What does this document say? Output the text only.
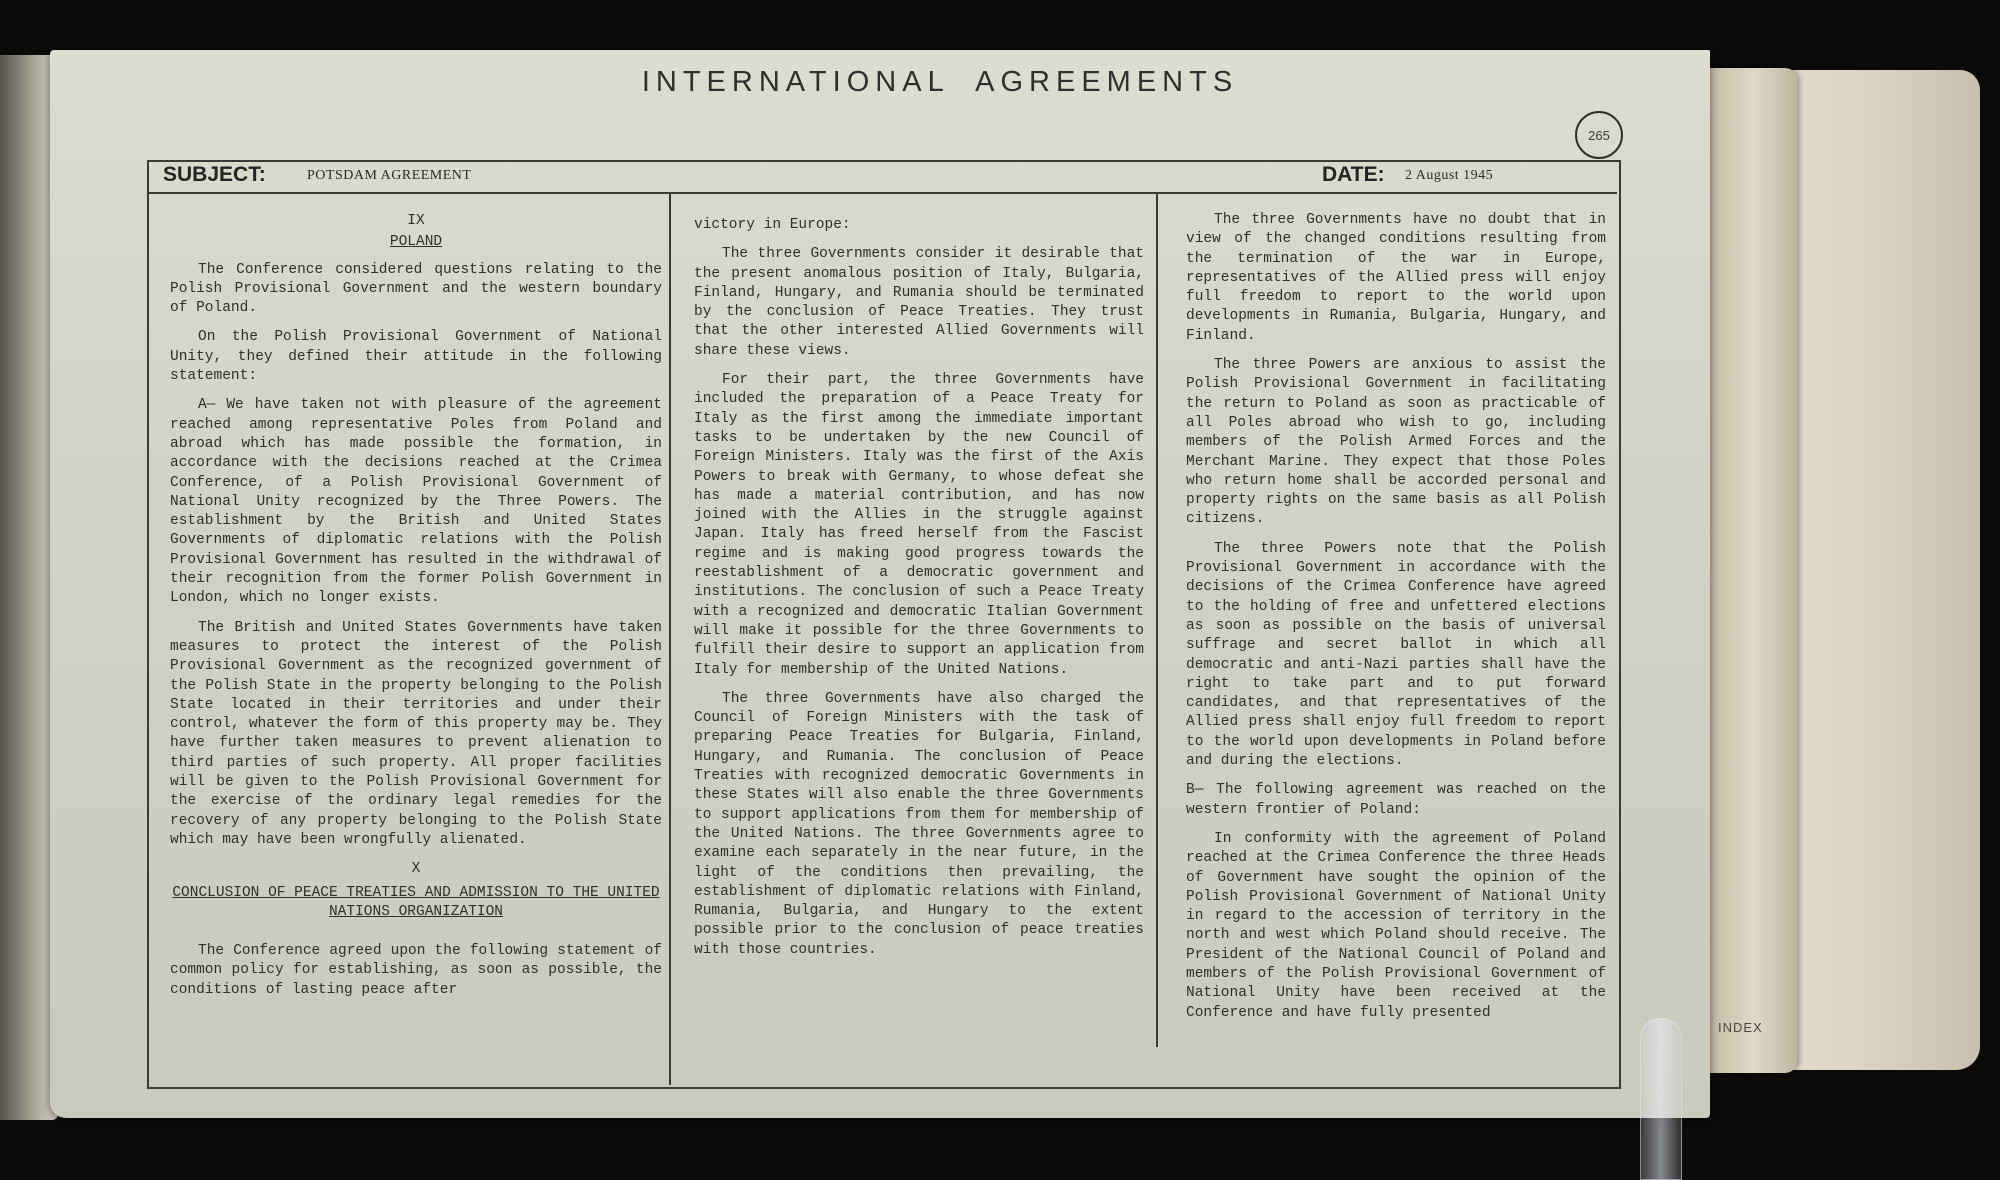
INDEX
INTERNATIONAL  AGREEMENTS
265
SUBJECT:	POTSDAM AGREEMENT	DATE: 2 August 1945
IX
POLAND

The Conference considered questions relating to the Polish Provisional Government and the western boundary of Poland.

On the Polish Provisional Government of National Unity, they defined their attitude in the following statement:

A— We have taken not with pleasure of the agreement reached among representative Poles from Poland and abroad which has made possible the formation, in accordance with the decisions reached at the Crimea Conference, of a Polish Provisional Government of National Unity recognized by the Three Powers. The establishment by the British and United States Governments of diplomatic relations with the Polish Provisional Government has resulted in the withdrawal of their recognition from the former Polish Government in London, which no longer exists.

The British and United States Governments have taken measures to protect the interest of the Polish Provisional Government as the recognized government of the Polish State in the property belonging to the Polish State located in their territories and under their control, whatever the form of this property may be. They have further taken measures to prevent alienation to third parties of such property. All proper facilities will be given to the Polish Provisional Government for the exercise of the ordinary legal remedies for the recovery of any property belonging to the Polish State which may have been wrongfully alienated.

X
CONCLUSION OF PEACE TREATIES AND ADMISSION TO THE UNITED NATIONS ORGANIZATION

The Conference agreed upon the following statement of common policy for establishing, as soon as possible, the conditions of lasting peace after

victory in Europe:

The three Governments consider it desirable that the present anomalous position of Italy, Bulgaria, Finland, Hungary, and Rumania should be terminated by the conclusion of Peace Treaties. They trust that the other interested Allied Governments will share these views.

For their part, the three Governments have included the preparation of a Peace Treaty for Italy as the first among the immediate important tasks to be undertaken by the new Council of Foreign Ministers. Italy was the first of the Axis Powers to break with Germany, to whose defeat she has made a material contribution, and has now joined with the Allies in the struggle against Japan. Italy has freed herself from the Fascist regime and is making good progress towards the reestablishment of a democratic government and institutions. The conclusion of such a Peace Treaty with a recognized and democratic Italian Government will make it possible for the three Governments to fulfill their desire to support an application from Italy for membership of the United Nations.

The three Governments have also charged the Council of Foreign Ministers with the task of preparing Peace Treaties for Bulgaria, Finland, Hungary, and Rumania. The conclusion of Peace Treaties with recognized democratic Governments in these States will also enable the three Governments to support applications from them for membership of the United Nations. The three Governments agree to examine each separately in the near future, in the light of the conditions then prevailing, the establishment of diplomatic relations with Finland, Rumania, Bulgaria, and Hungary to the extent possible prior to the conclusion of peace treaties with those countries.

The three Governments have no doubt that in view of the changed conditions resulting from the termination of the war in Europe, representatives of the Allied press will enjoy full freedom to report to the world upon developments in Rumania, Bulgaria, Hungary, and Finland.

The three Powers are anxious to assist the Polish Provisional Government in facilitating the return to Poland as soon as practicable of all Poles abroad who wish to go, including members of the Polish Armed Forces and the Merchant Marine. They expect that those Poles who return home shall be accorded personal and property rights on the same basis as all Polish citizens.

The three Powers note that the Polish Provisional Government in accordance with the decisions of the Crimea Conference have agreed to the holding of free and unfettered elections as soon as possible on the basis of universal suffrage and secret ballot in which all democratic and anti-Nazi parties shall have the right to take part and to put forward candidates, and that representatives of the Allied press shall enjoy full freedom to report to the world upon developments in Poland before and during the elections.

B— The following agreement was reached on the western frontier of Poland:

In conformity with the agreement of Poland reached at the Crimea Conference the three Heads of Government have sought the opinion of the Polish Provisional Government of National Unity in regard to the accession of territory in the north and west which Poland should receive. The President of the National Council of Poland and members of the Polish Provisional Government of National Unity have been received at the Conference and have fully presented
